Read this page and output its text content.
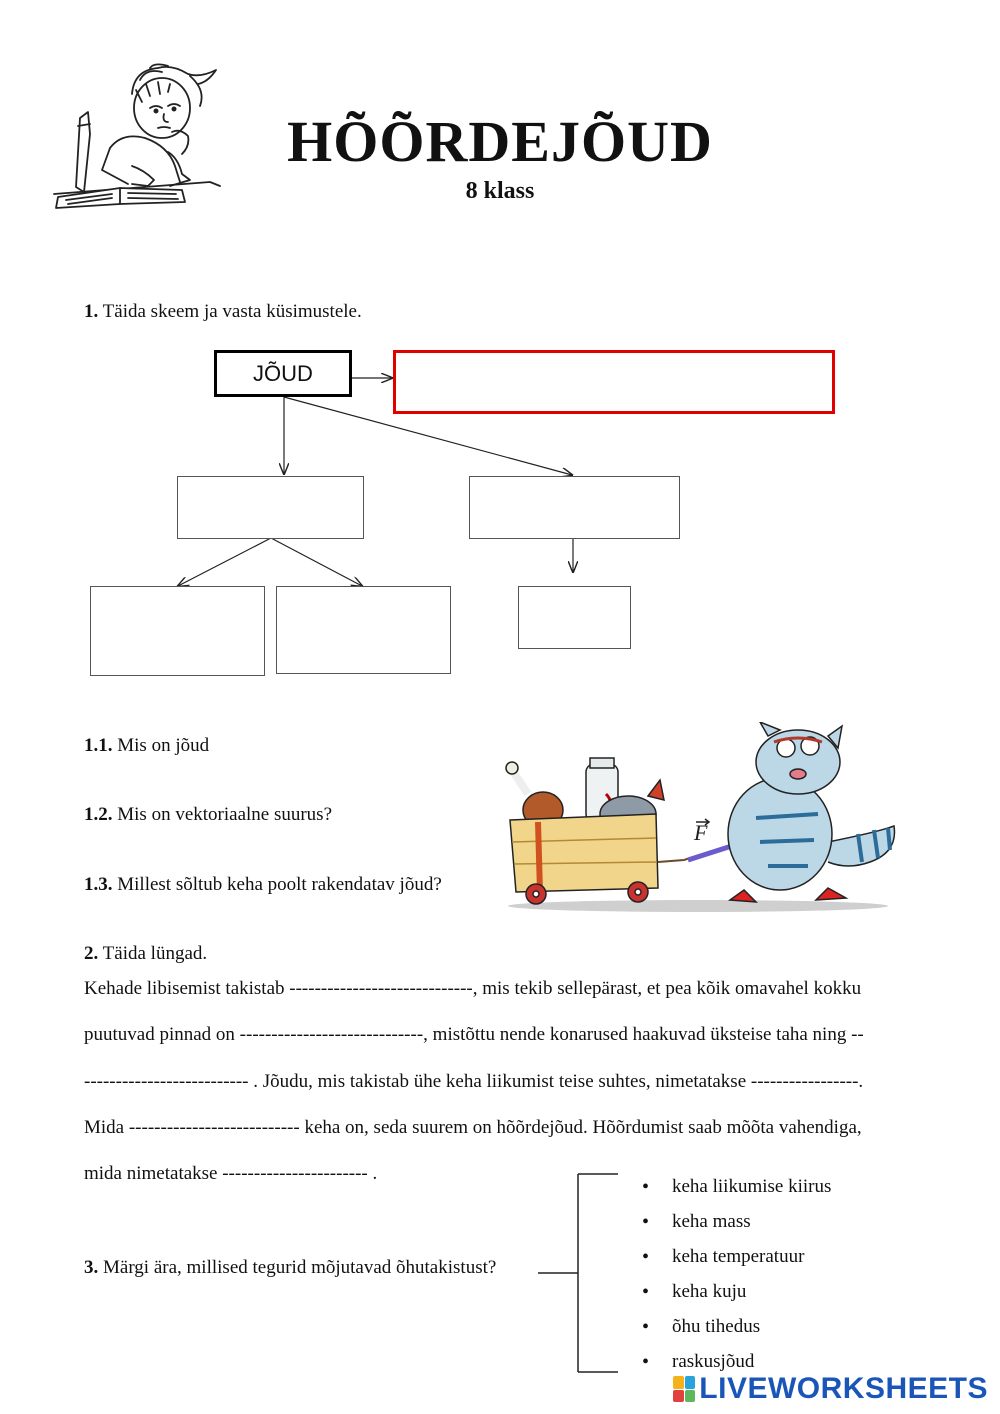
HÕÕRDEJÕUD
8 klass
1. Täida skeem ja vasta küsimustele.
JÕUD
1.1. Mis on jõud
1.2. Mis on vektoriaalne suurus?
1.3. Millest sõltub keha poolt rakendatav jõud?
F
2. Täida lüngad.
Kehade libisemist takistab -----------------------------, mis tekib sellepärast, et pea kõik omavahel kokku
puutuvad pinnad on -----------------------------, mistõttu nende konarused haakuvad üksteise taha ning --
-------------------------- . Jõudu, mis takistab ühe keha liikumist teise suhtes, nimetatakse -----------------.
Mida --------------------------- keha on, seda suurem on hõõrdejõud. Hõõrdumist saab mõõta vahendiga,
mida nimetatakse ----------------------- .
3. Märgi ära, millised tegurid mõjutavad õhutakistust?
• keha liikumise kiirus
• keha mass
• keha temperatuur
• keha kuju
• õhu tihedus
• raskusjõud
LIVEWORKSHEETS
